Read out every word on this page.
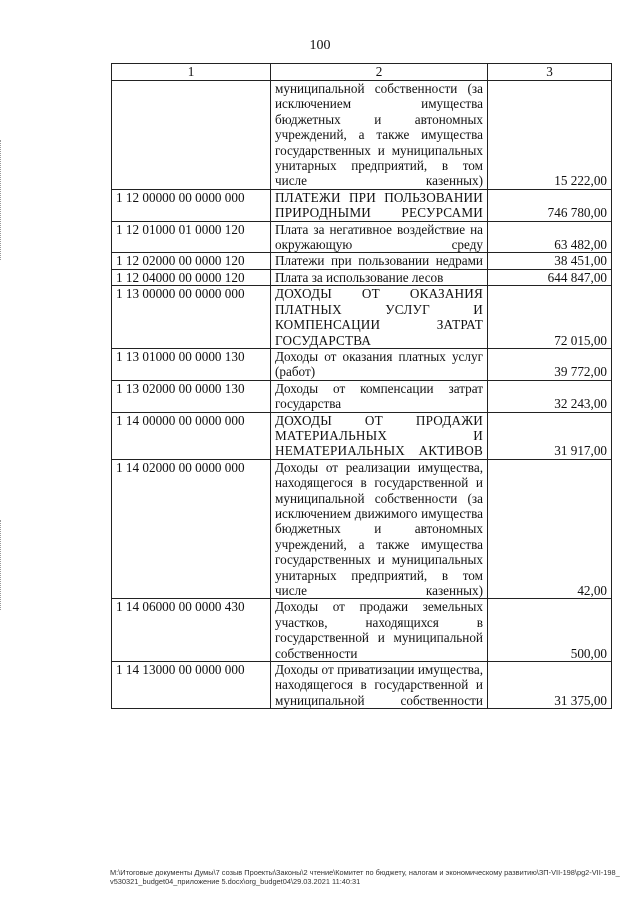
100
1	2	3
	муниципальной собственности (за исключением имущества бюджетных и автономных учреждений, а также имущества государственных и муниципальных унитарных предприятий, в том числе казенных)	15 222,00
1 12 00000 00 0000 000	ПЛАТЕЖИ ПРИ ПОЛЬЗОВАНИИ ПРИРОДНЫМИ РЕСУРСАМИ	746 780,00
1 12 01000 01 0000 120	Плата за негативное воздействие на окружающую среду	63 482,00
1 12 02000 00 0000 120	Платежи при пользовании недрами	38 451,00
1 12 04000 00 0000 120	Плата за использование лесов	644 847,00
1 13 00000 00 0000 000	ДОХОДЫ ОТ ОКАЗАНИЯ ПЛАТНЫХ УСЛУГ И КОМПЕНСАЦИИ ЗАТРАТ ГОСУДАРСТВА	72 015,00
1 13 01000 00 0000 130	Доходы от оказания платных услуг (работ)	39 772,00
1 13 02000 00 0000 130	Доходы от компенсации затрат государства	32 243,00
1 14 00000 00 0000 000	ДОХОДЫ ОТ ПРОДАЖИ МАТЕРИАЛЬНЫХ И НЕМАТЕРИАЛЬНЫХ АКТИВОВ	31 917,00
1 14 02000 00 0000 000	Доходы от реализации имущества, находящегося в государственной и муниципальной собственности (за исключением движимого имущества бюджетных и автономных учреждений, а также имущества государственных и муниципальных унитарных предприятий, в том числе казенных)	42,00
1 14 06000 00 0000 430	Доходы от продажи земельных участков, находящихся в государственной и муниципальной собственности	500,00
1 14 13000 00 0000 000	Доходы от приватизации имущества, находящегося в государственной и муниципальной собственности	31 375,00
М:\Итоговые документы Думы\7 созыв Проекты\Законы\2 чтение\Комитет по бюджету, налогам и экономическому развитию\ЗП-VII-198\pg2-VII-198_v530321_budget04_приложение 5.docx\org_budget04\29.03.2021 11:40:31
